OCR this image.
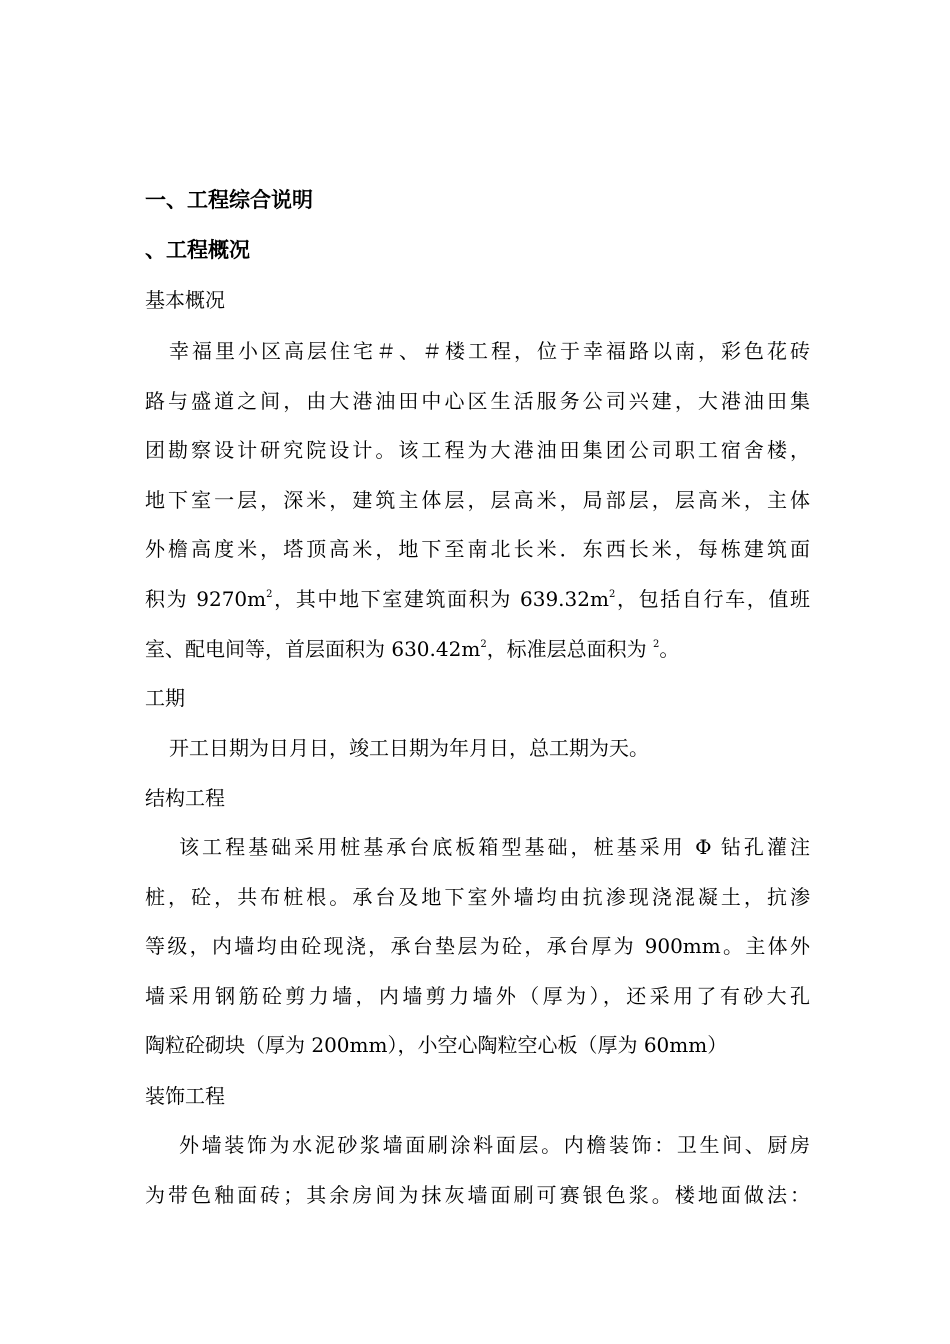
一、工程综合说明
、工程概况
基本概况
幸福里小区高层住宅＃、＃楼工程，位于幸福路以南，彩色花砖
路与盛道之间，由大港油田中心区生活服务公司兴建，大港油田集
团勘察设计研究院设计。该工程为大港油田集团公司职工宿舍楼，
地下室一层，深米，建筑主体层，层高米，局部层，层高米，主体
外檐高度米，塔顶高米，地下至南北长米．东西长米，每栋建筑面
积为 $9270m^2$，其中地下室建筑面积为 $639.32m^2$，包括自行车，值班
室、配电间等，首层面积为 $630.42m^2$，标准层总面积为 $^2$。
工期
开工日期为日月日，竣工日期为年月日，总工期为天。
结构工程
该工程基础采用桩基承台底板箱型基础，桩基采用 Φ 钻孔灌注
桩，砼，共布桩根。承台及地下室外墙均由抗渗现浇混凝土，抗渗
等级，内墙均由砼现浇，承台垫层为砼，承台厚为 900mm。主体外
墙采用钢筋砼剪力墙，内墙剪力墙外（厚为），还采用了有砂大孔
陶粒砼砌块（厚为 200mm），小空心陶粒空心板（厚为 60mm）
装饰工程
外墙装饰为水泥砂浆墙面刷涂料面层。内檐装饰：卫生间、厨房
为带色釉面砖；其余房间为抹灰墙面刷可赛银色浆。楼地面做法：
